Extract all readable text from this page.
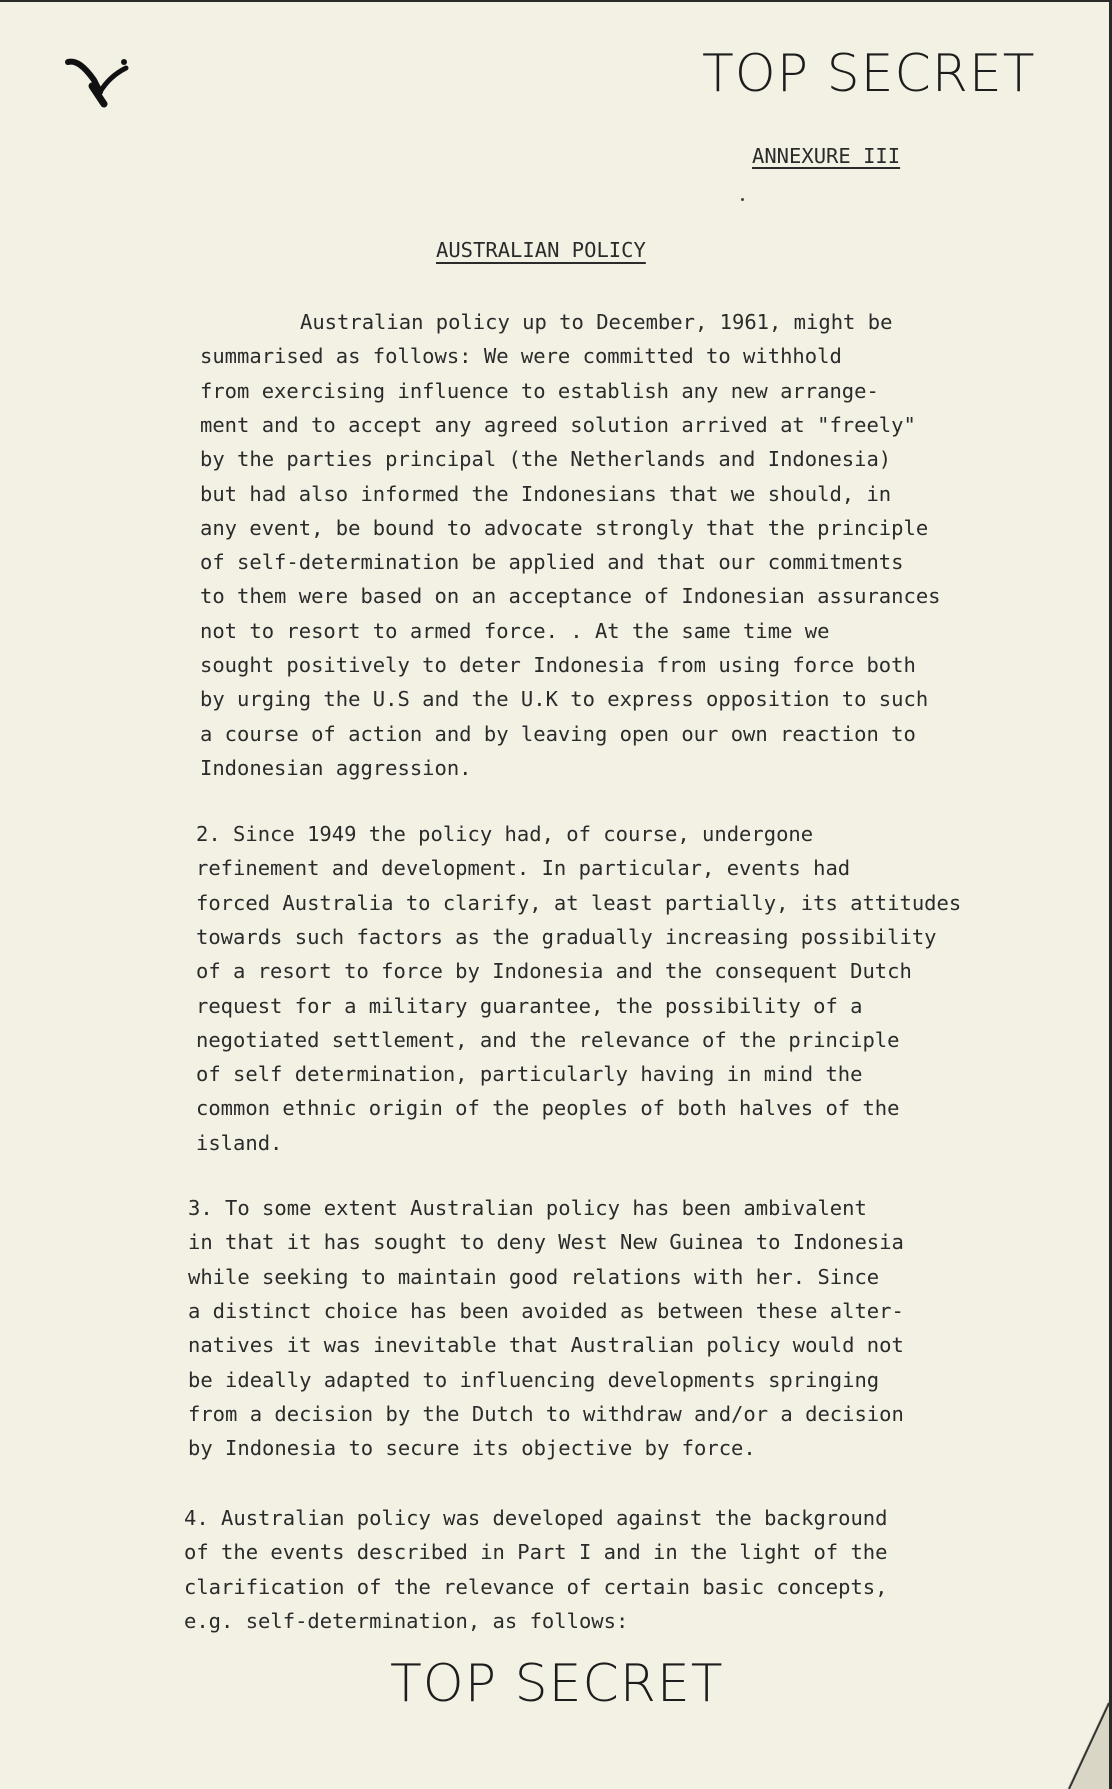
TOP SECRET
ANNEXURE III
AUSTRALIAN POLICY
Australian policy up to December, 1961, might be
summarised as follows: We were committed to withhold
from exercising influence to establish any new arrange-
ment and to accept any agreed solution arrived at "freely"
by the parties principal (the Netherlands and Indonesia)
but had also informed the Indonesians that we should, in
any event, be bound to advocate strongly that the principle
of self-determination be applied and that our commitments
to them were based on an acceptance of Indonesian assurances
not to resort to armed force. . At the same time we
sought positively to deter Indonesia from using force both
by urging the U.S and the U.K to express opposition to such
a course of action and by leaving open our own reaction to
Indonesian aggression.
2. Since 1949 the policy had, of course, undergone
refinement and development. In particular, events had
forced Australia to clarify, at least partially, its attitudes
towards such factors as the gradually increasing possibility
of a resort to force by Indonesia and the consequent Dutch
request for a military guarantee, the possibility of a
negotiated settlement, and the relevance of the principle
of self determination, particularly having in mind the
common ethnic origin of the peoples of both halves of the
island.
3. To some extent Australian policy has been ambivalent
in that it has sought to deny West New Guinea to Indonesia
while seeking to maintain good relations with her. Since
a distinct choice has been avoided as between these alter-
natives it was inevitable that Australian policy would not
be ideally adapted to influencing developments springing
from a decision by the Dutch to withdraw and/or a decision
by Indonesia to secure its objective by force.
4. Australian policy was developed against the background
of the events described in Part I and in the light of the
clarification of the relevance of certain basic concepts,
e.g. self-determination, as follows:
TOP SECRET
